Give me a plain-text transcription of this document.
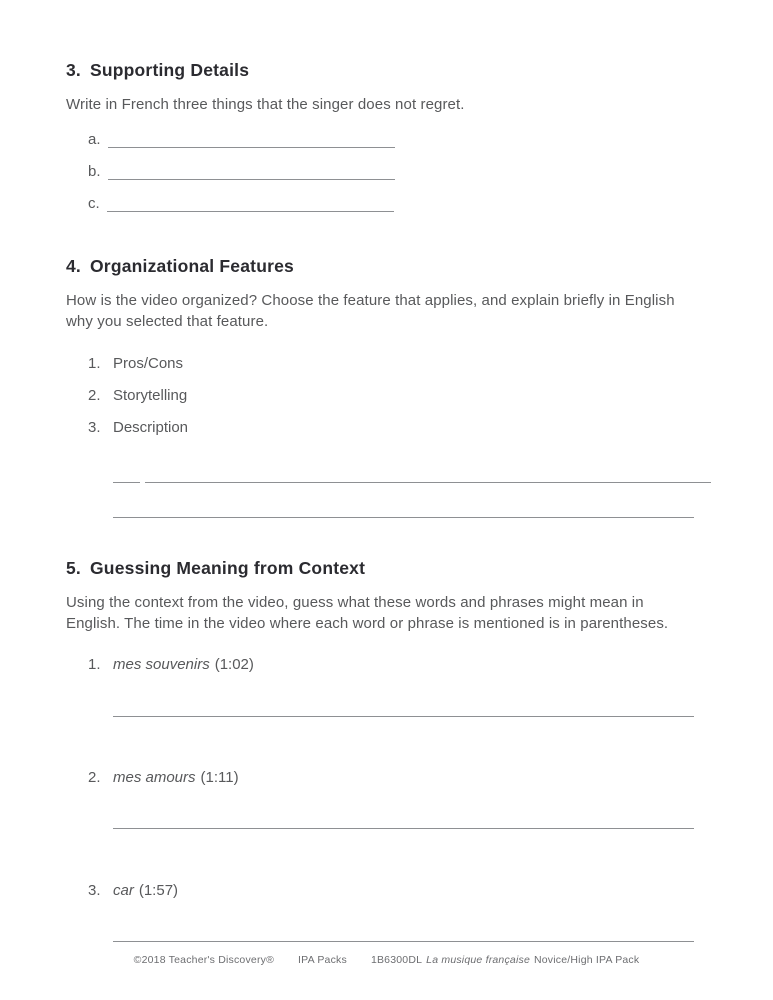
3. Supporting Details

Write in French three things that the singer does not regret.

a.
b.
c.
4. Organizational Features

How is the video organized? Choose the feature that applies, and explain briefly in English why you selected that feature.

1. Pros/Cons
2. Storytelling
3. Description
5. Guessing Meaning from Context

Using the context from the video, guess what these words and phrases might mean in English. The time in the video where each word or phrase is mentioned is in parentheses.

1. mes souvenirs (1:02)
2. mes amours (1:11)
3. car (1:57)
©2018 Teacher's Discovery® IPA Packs 1B6300DL La musique française Novice/High IPA Pack
